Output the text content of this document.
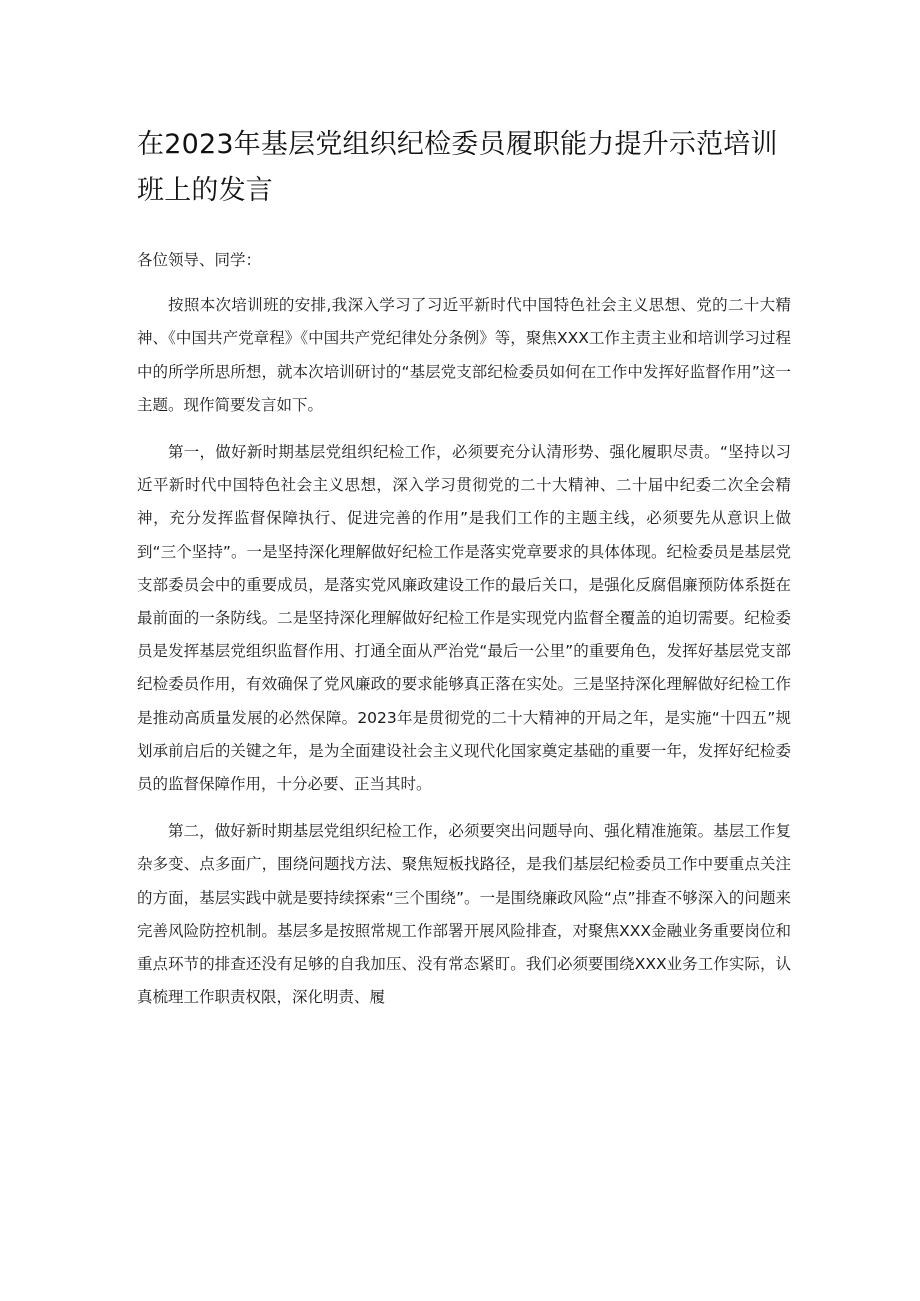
在2023年基层党组织纪检委员履职能力提升示范培训班上的发言

各位领导、同学：

按照本次培训班的安排,我深入学习了习近平新时代中国特色社会主义思想、党的二十大精神、《中国共产党章程》《中国共产党纪律处分条例》等，聚焦XXX工作主责主业和培训学习过程中的所学所思所想，就本次培训研讨的“基层党支部纪检委员如何在工作中发挥好监督作用”这一主题。现作简要发言如下。

第一，做好新时期基层党组织纪检工作，必须要充分认清形势、强化履职尽责。“坚持以习近平新时代中国特色社会主义思想，深入学习贯彻党的二十大精神、二十届中纪委二次全会精神，充分发挥监督保障执行、促进完善的作用”是我们工作的主题主线，必须要先从意识上做到“三个坚持”。一是坚持深化理解做好纪检工作是落实党章要求的具体体现。纪检委员是基层党支部委员会中的重要成员，是落实党风廉政建设工作的最后关口，是强化反腐倡廉预防体系挺在最前面的一条防线。二是坚持深化理解做好纪检工作是实现党内监督全覆盖的迫切需要。纪检委员是发挥基层党组织监督作用、打通全面从严治党“最后一公里”的重要角色，发挥好基层党支部纪检委员作用，有效确保了党风廉政的要求能够真正落在实处。三是坚持深化理解做好纪检工作是推动高质量发展的必然保障。2023年是贯彻党的二十大精神的开局之年，是实施“十四五”规划承前启后的关键之年，是为全面建设社会主义现代化国家奠定基础的重要一年，发挥好纪检委员的监督保障作用，十分必要、正当其时。

第二，做好新时期基层党组织纪检工作，必须要突出问题导向、强化精准施策。基层工作复杂多变、点多面广，围绕问题找方法、聚焦短板找路径，是我们基层纪检委员工作中要重点关注的方面，基层实践中就是要持续探索“三个围绕”。一是围绕廉政风险“点”排查不够深入的问题来完善风险防控机制。基层多是按照常规工作部署开展风险排查，对聚焦XXX金融业务重要岗位和重点环节的排查还没有足够的自我加压、没有常态紧盯。我们必须要围绕XXX业务工作实际，认真梳理工作职责权限，深化明责、履
